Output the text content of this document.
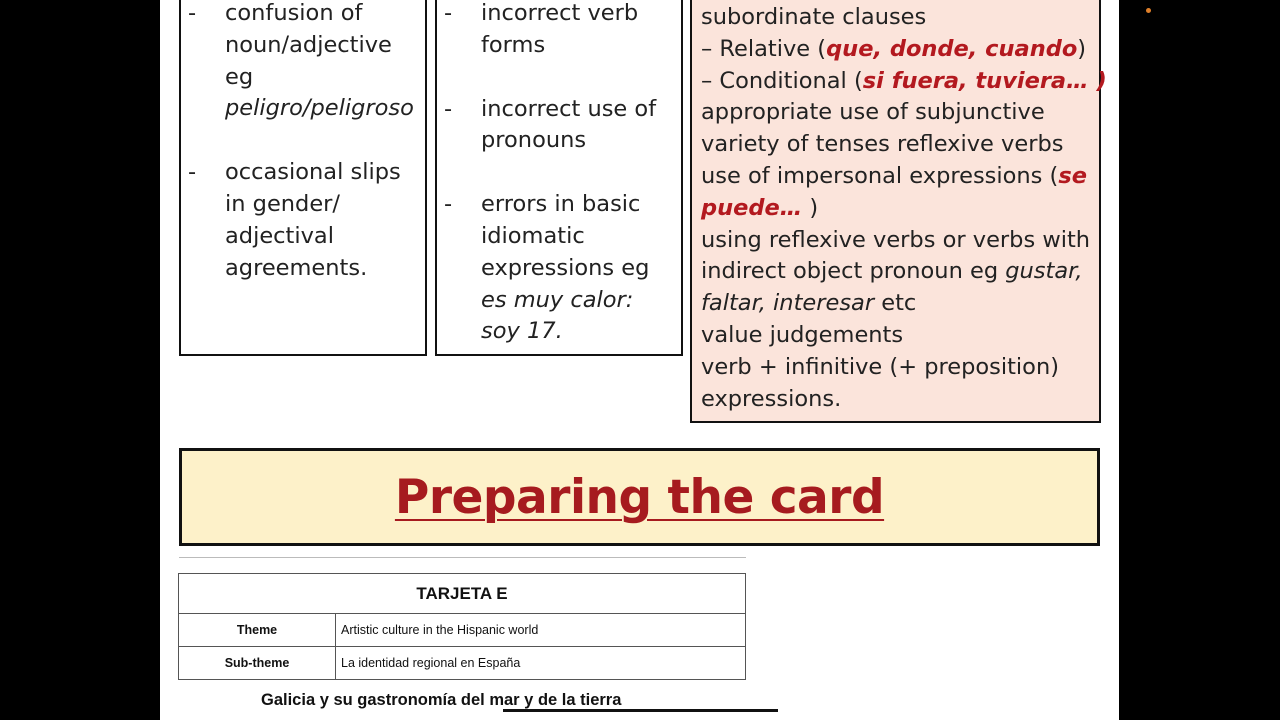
- confusion of noun/adjective eg peligro/peligroso
- occasional slips in gender/ adjectival agreements.
- incorrect verb forms
- incorrect use of pronouns
- errors in basic idiomatic expressions eg es muy calor: soy 17.
subordinate clauses
– Relative (que, donde, cuando)
– Conditional (si fuera, tuviera… )
appropriate use of subjunctive
variety of tenses reflexive verbs
use of impersonal expressions (se puede… )
using reflexive verbs or verbs with indirect object pronoun eg gustar, faltar, interesar etc
value judgements
verb + infinitive (+ preposition) expressions.
Preparing the card
TARJETA E	
Theme	Artistic culture in the Hispanic world
Sub-theme	La identidad regional en España
Galicia y su gastronomía del mar y de la tierra
